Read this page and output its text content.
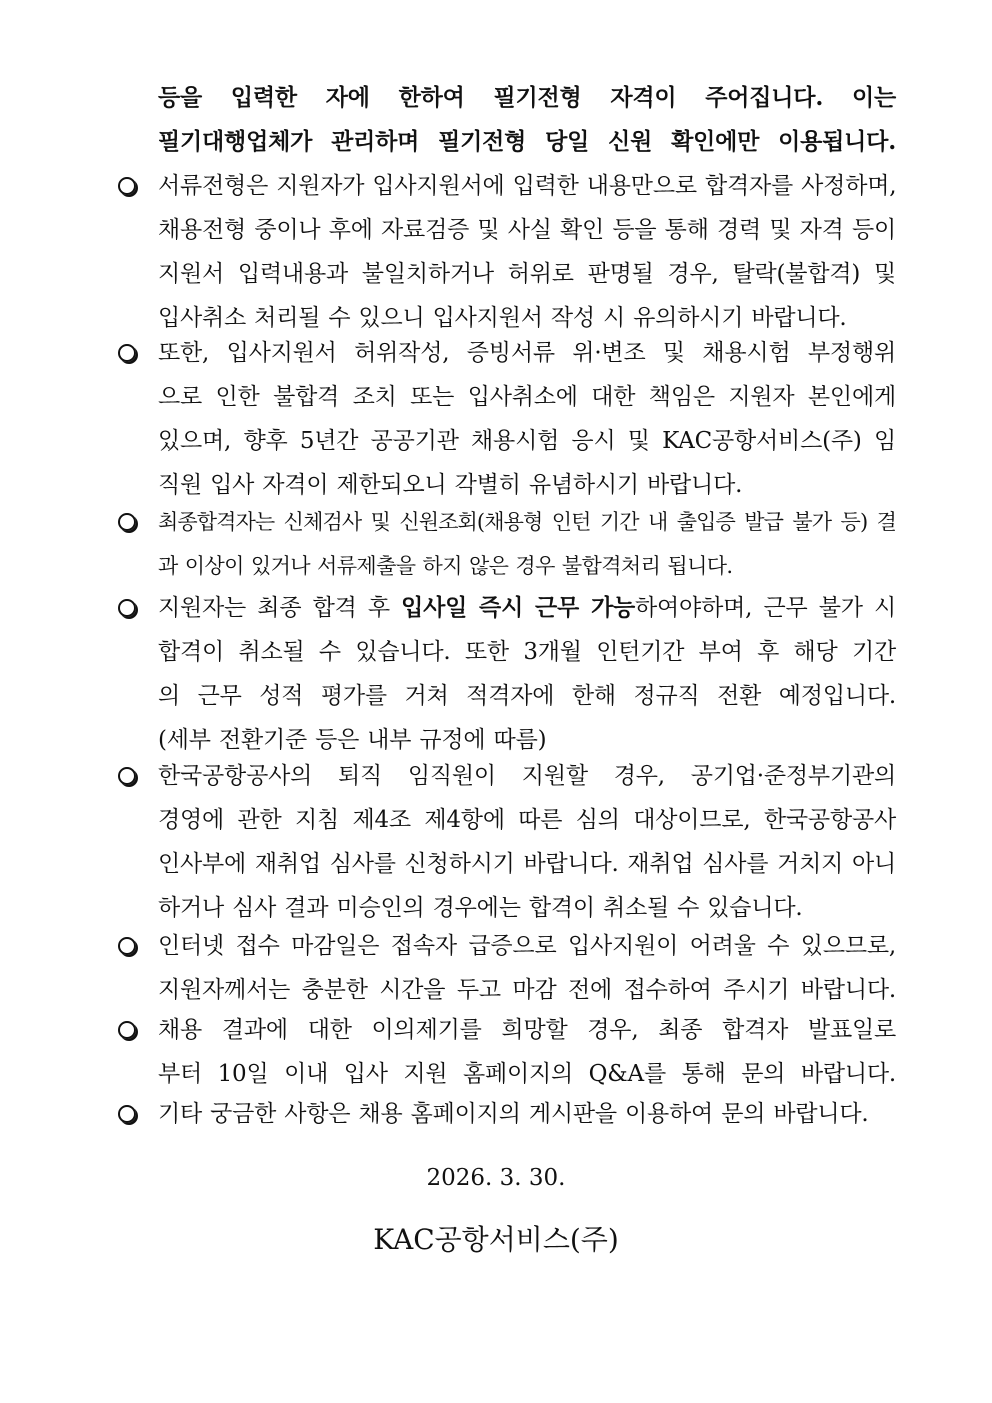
등을 입력한 자에 한하여 필기전형 자격이 주어집니다. 이는
필기대행업체가 관리하며 필기전형 당일 신원 확인에만 이용됩니다.
서류전형은 지원자가 입사지원서에 입력한 내용만으로 합격자를 사정하며,
채용전형 중이나 후에 자료검증 및 사실 확인 등을 통해 경력 및 자격 등이
지원서 입력내용과 불일치하거나 허위로 판명될 경우, 탈락(불합격) 및
입사취소 처리될 수 있으니 입사지원서 작성 시 유의하시기 바랍니다.
또한, 입사지원서 허위작성, 증빙서류 위·변조 및 채용시험 부정행위
으로 인한 불합격 조치 또는 입사취소에 대한 책임은 지원자 본인에게
있으며, 향후 5년간 공공기관 채용시험 응시 및 KAC공항서비스(주) 임
직원 입사 자격이 제한되오니 각별히 유념하시기 바랍니다.
최종합격자는 신체검사 및 신원조회(채용형 인턴 기간 내 출입증 발급 불가 등) 결
과 이상이 있거나 서류제출을 하지 않은 경우 불합격처리 됩니다.
지원자는 최종 합격 후 입사일 즉시 근무 가능하여야하며, 근무 불가 시
합격이 취소될 수 있습니다. 또한 3개월 인턴기간 부여 후 해당 기간
의 근무 성적 평가를 거쳐 적격자에 한해 정규직 전환 예정입니다.
(세부 전환기준 등은 내부 규정에 따름)
한국공항공사의 퇴직 임직원이 지원할 경우, 공기업·준정부기관의
경영에 관한 지침 제4조 제4항에 따른 심의 대상이므로, 한국공항공사
인사부에 재취업 심사를 신청하시기 바랍니다. 재취업 심사를 거치지 아니
하거나 심사 결과 미승인의 경우에는 합격이 취소될 수 있습니다.
인터넷 접수 마감일은 접속자 급증으로 입사지원이 어려울 수 있으므로,
지원자께서는 충분한 시간을 두고 마감 전에 접수하여 주시기 바랍니다.
채용 결과에 대한 이의제기를 희망할 경우, 최종 합격자 발표일로
부터 10일 이내 입사 지원 홈페이지의 Q&A를 통해 문의 바랍니다.
기타 궁금한 사항은 채용 홈페이지의 게시판을 이용하여 문의 바랍니다.
2026. 3. 30.
KAC공항서비스(주)
